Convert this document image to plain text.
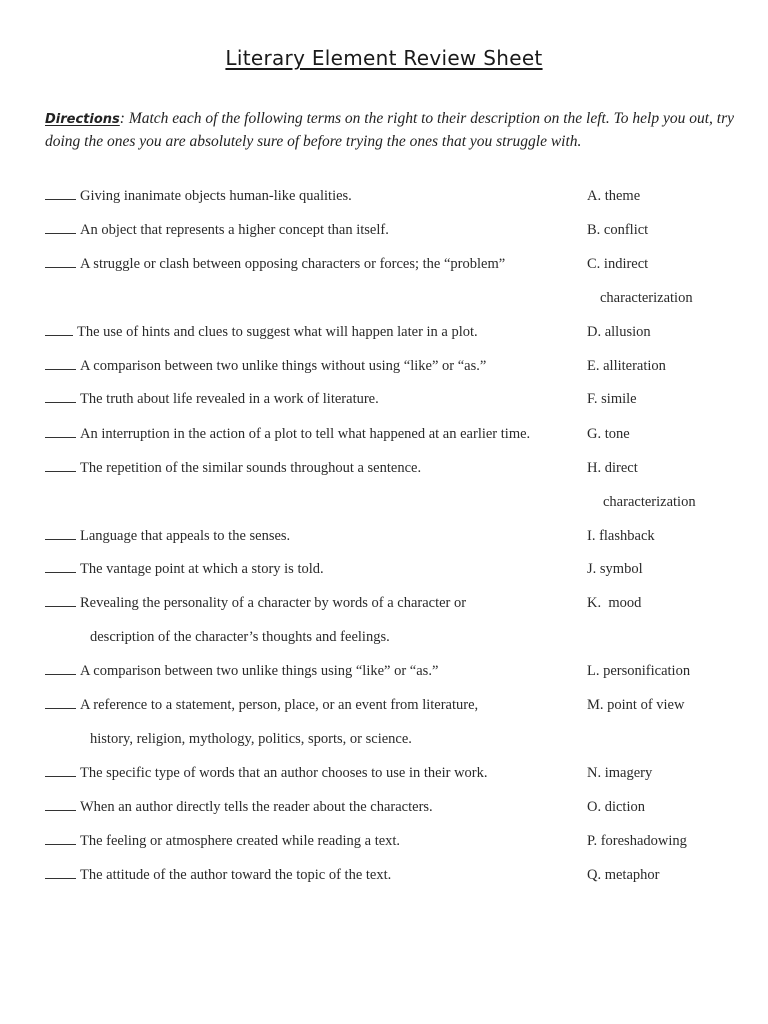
Literary Element Review Sheet
Directions: Match each of the following terms on the right to their description on the left. To help you out, try doing the ones you are absolutely sure of before trying the ones that you struggle with.
Giving inanimate objects human-like qualities.
An object that represents a higher concept than itself.
A struggle or clash between opposing characters or forces; the “problem”
The use of hints and clues to suggest what will happen later in a plot.
A comparison between two unlike things without using “like” or “as.”
The truth about life revealed in a work of literature.
An interruption in the action of a plot to tell what happened at an earlier time.
The repetition of the similar sounds throughout a sentence.
Language that appeals to the senses.
The vantage point at which a story is told.
Revealing the personality of a character by words of a character or
description of the character’s thoughts and feelings.
A comparison between two unlike things using “like” or “as.”
A reference to a statement, person, place, or an event from literature,
history, religion, mythology, politics, sports, or science.
The specific type of words that an author chooses to use in their work.
When an author directly tells the reader about the characters.
The feeling or atmosphere created while reading a text.
The attitude of the author toward the topic of the text.
A. theme
B. conflict
C. indirect
characterization
D. allusion
E. alliteration
F. simile
G. tone
H. direct
characterization
I. flashback
J. symbol
K.  mood
L. personification
M. point of view
N. imagery
O. diction
P. foreshadowing
Q. metaphor
